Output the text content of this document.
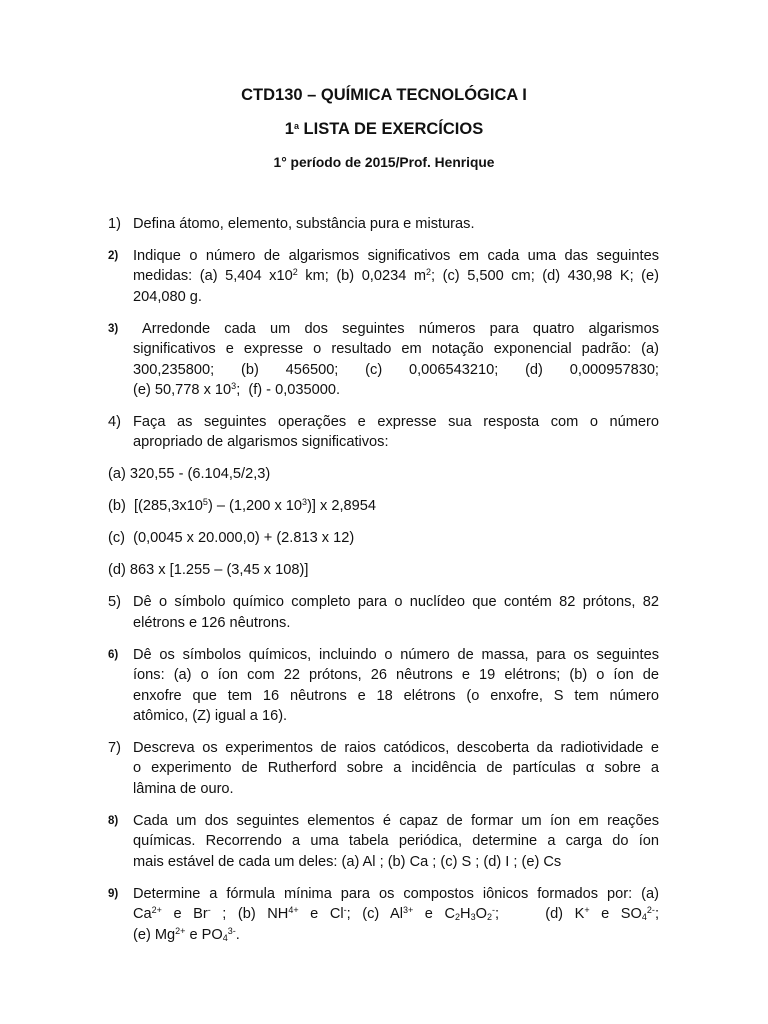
CTD130 – QUÍMICA TECNOLÓGICA I
1$^a$ LISTA DE EXERCÍCIOS
1° período de 2015/Prof. Henrique
1) Defina átomo, elemento, substância pura e misturas.
2)	Indique o número de algarismos significativos em cada uma das seguintes
medidas: (a) 5,404 $x10^2$ km; (b) 0,0234 $m^2$; (c) 5,500 cm; (d) 430,98 K; (e)
204,080 g.
3)	Arredonde cada um dos seguintes números para quatro algarismos
significativos e expresse o resultado em notação exponencial padrão: (a)
300,235800;   (b)   456500;   (c)   0,006543210;   (d)   0,000957830;
(e) 50,778 x $10^3$;  (f) - 0,035000.
4) Faça as seguintes operações e expresse sua resposta com o número
apropriado de algarismos significativos:
(a) 320,55 - (6.104,5/2,3)
(b)  [$(285,3x10^5) - (1,200$ x $10^3$)] x 2,8954
(c)  (0,0045 x 20.000,0) + (2.813 x 12)
(d) 863 x [1.255 – (3,45 x 108)]
5) Dê o símbolo químico completo para o nuclídeo que contém 82 prótons, 82
elétrons e 126 nêutrons.
6)	Dê os símbolos químicos, incluindo o número de massa, para os seguintes
íons: (a) o íon com 22 prótons, 26 nêutrons e 19 elétrons; (b) o íon de
enxofre que tem 16 nêutrons e 18 elétrons (o enxofre, S tem número
atômico, (Z) igual a 16).
7) Descreva os experimentos de raios catódicos, descoberta da radiotividade e
o experimento de Rutherford sobre a incidência de partículas α sobre a
lâmina de ouro.
8)	Cada um dos seguintes elementos é capaz de formar um íon em reações
químicas. Recorrendo a uma tabela periódica, determine a carga do íon
mais estável de cada um deles: (a) Al ; (b) Ca ; (c) S ; (d) I ; (e) Cs
9)	Determine a fórmula mínima para os compostos iônicos formados por: (a)
$Ca^{2+}$ e Br- ; (b) $NH^{4+}$ e Cl-; (c) $Al^{3+}$ e $C_2H_3O_2^-$;    (d) K+ e $SO_4^{2-}$;
(e) $Mg^{2+}$ e $PO_4^{3-}$.
